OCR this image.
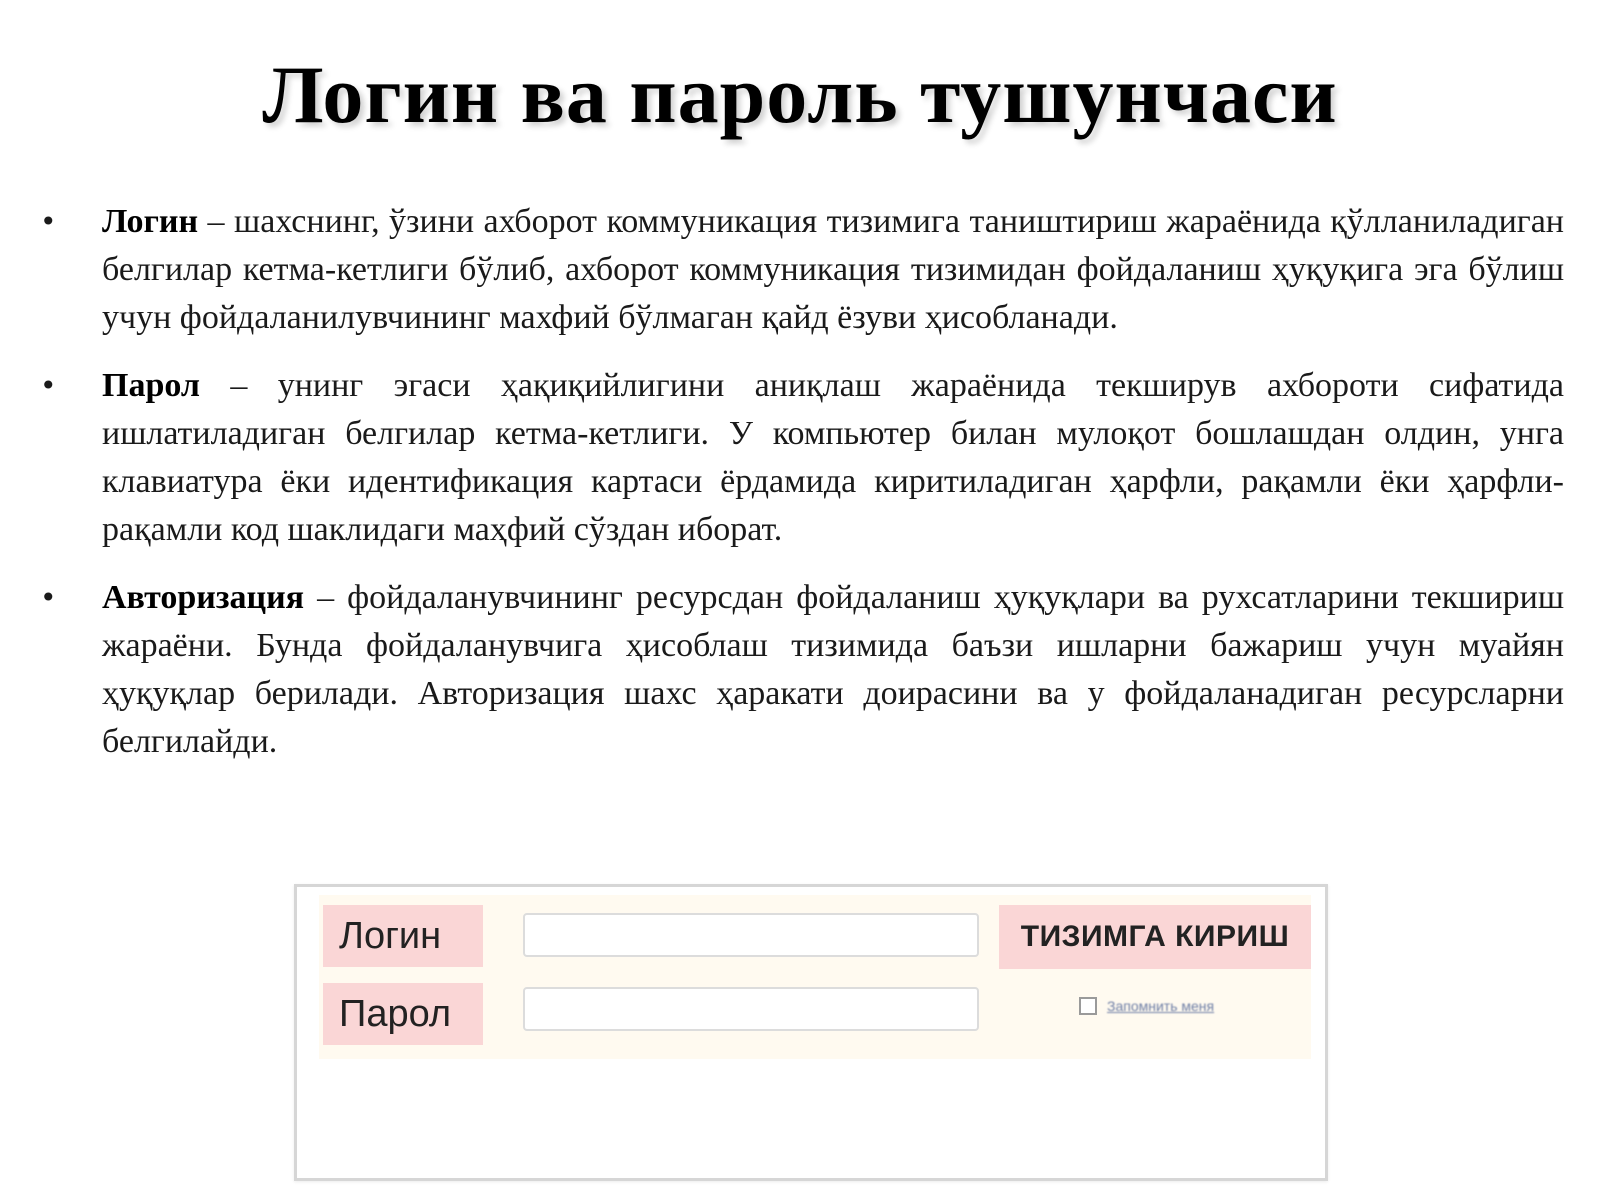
Логин ва пароль тушунчаси
• Логин – шахснинг, ўзини ахборот коммуникация тизимига таништириш жараёнида қўлланиладиган белгилар кетма-кетлиги бўлиб, ахборот коммуникация тизимидан фойдаланиш ҳуқуқига эга бўлиш учун фойдаланилувчининг махфий бўлмаган қайд ёзуви ҳисобланади.
• Парол – унинг эгаси ҳақиқийлигини аниқлаш жараёнида текширув ахбороти сифатида ишлатиладиган белгилар кетма-кетлиги. У компьютер билан мулоқот бошлашдан олдин, унга клавиатура ёки идентификация картаси ёрдамида киритиладиган ҳарфли, рақамли ёки ҳарфли-рақамли код шаклидаги маҳфий сўздан иборат.
• Авторизация – фойдаланувчининг ресурсдан фойдаланиш ҳуқуқлари ва рухсатларини текшириш жараёни. Бунда фойдаланувчига ҳисоблаш тизимида баъзи ишларни бажариш учун муайян ҳуқуқлар берилади. Авторизация шахс ҳаракати доирасини ва у фойдаланадиган ресурсларни белгилайди.
Логин
Парол
ТИЗИМГА КИРИШ
Запомнить меня
